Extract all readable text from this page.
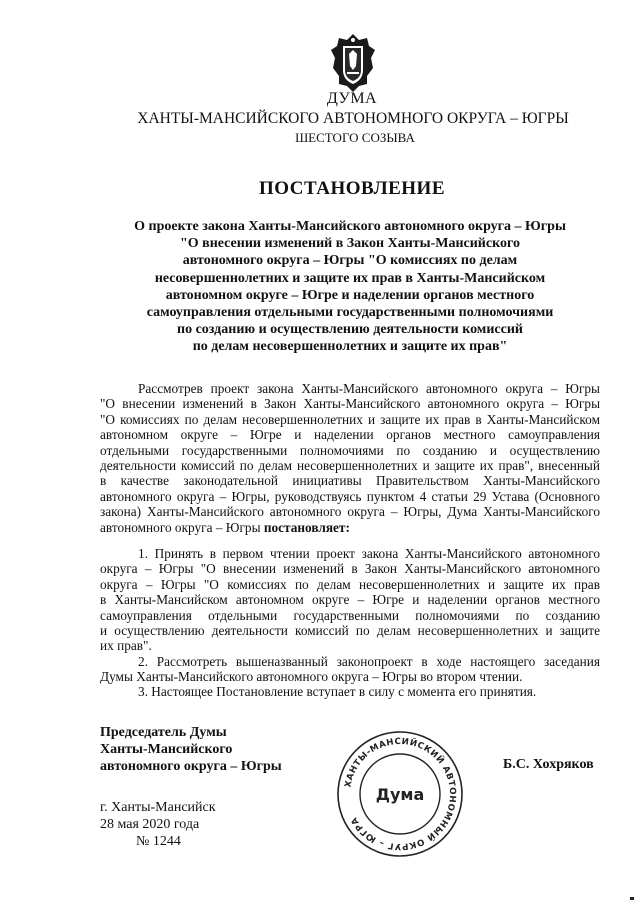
ДУМА
ХАНТЫ-МАНСИЙСКОГО АВТОНОМНОГО ОКРУГА – ЮГРЫ
ШЕСТОГО СОЗЫВА
ПОСТАНОВЛЕНИЕ
О проекте закона Ханты-Мансийского автономного округа – Югры
"О внесении изменений в Закон Ханты-Мансийского
автономного округа – Югры "О комиссиях по делам
несовершеннолетних и защите их прав в Ханты-Мансийском
автономном округе – Югре и наделении органов местного
самоуправления отдельными государственными полномочиями
по созданию и осуществлению деятельности комиссий
по делам несовершеннолетних и защите их прав"
Рассмотрев проект закона Ханты-Мансийского автономного округа – Югры
"О внесении изменений в Закон Ханты-Мансийского автономного округа – Югры
"О комиссиях по делам несовершеннолетних и защите их прав в Ханты-Мансийском
автономном округе – Югре и наделении органов местного самоуправления
отдельными государственными полномочиями по созданию и осуществлению
деятельности комиссий по делам несовершеннолетних и защите их прав", внесенный
в качестве законодательной инициативы Правительством Ханты-Мансийского
автономного округа – Югры, руководствуясь пунктом 4 статьи 29 Устава (Основного
закона) Ханты-Мансийского автономного округа – Югры, Дума Ханты-Мансийского
автономного округа – Югры постановляет:
1. Принять в первом чтении проект закона Ханты-Мансийского автономного
округа – Югры "О внесении изменений в Закон Ханты-Мансийского автономного
округа – Югры "О комиссиях по делам несовершеннолетних и защите их прав
в Ханты-Мансийском автономном округе – Югре и наделении органов местного
самоуправления отдельными государственными полномочиями по созданию
и осуществлению деятельности комиссий по делам несовершеннолетних и защите
их прав".
2. Рассмотреть вышеназванный законопроект в ходе настоящего заседания
Думы Ханты-Мансийского автономного округа – Югры во втором чтении.
3. Настоящее Постановление вступает в силу с момента его принятия.
Председатель Думы
Ханты-Мансийского
автономного округа – Югры	Б.С. Хохряков
ХАНТЫ-МАНСИЙСКИЙ АВТОНОМНЫЙ ОКРУГ – ЮГРА
Дума
г. Ханты-Мансийск
28 мая 2020 года
№ 1244
